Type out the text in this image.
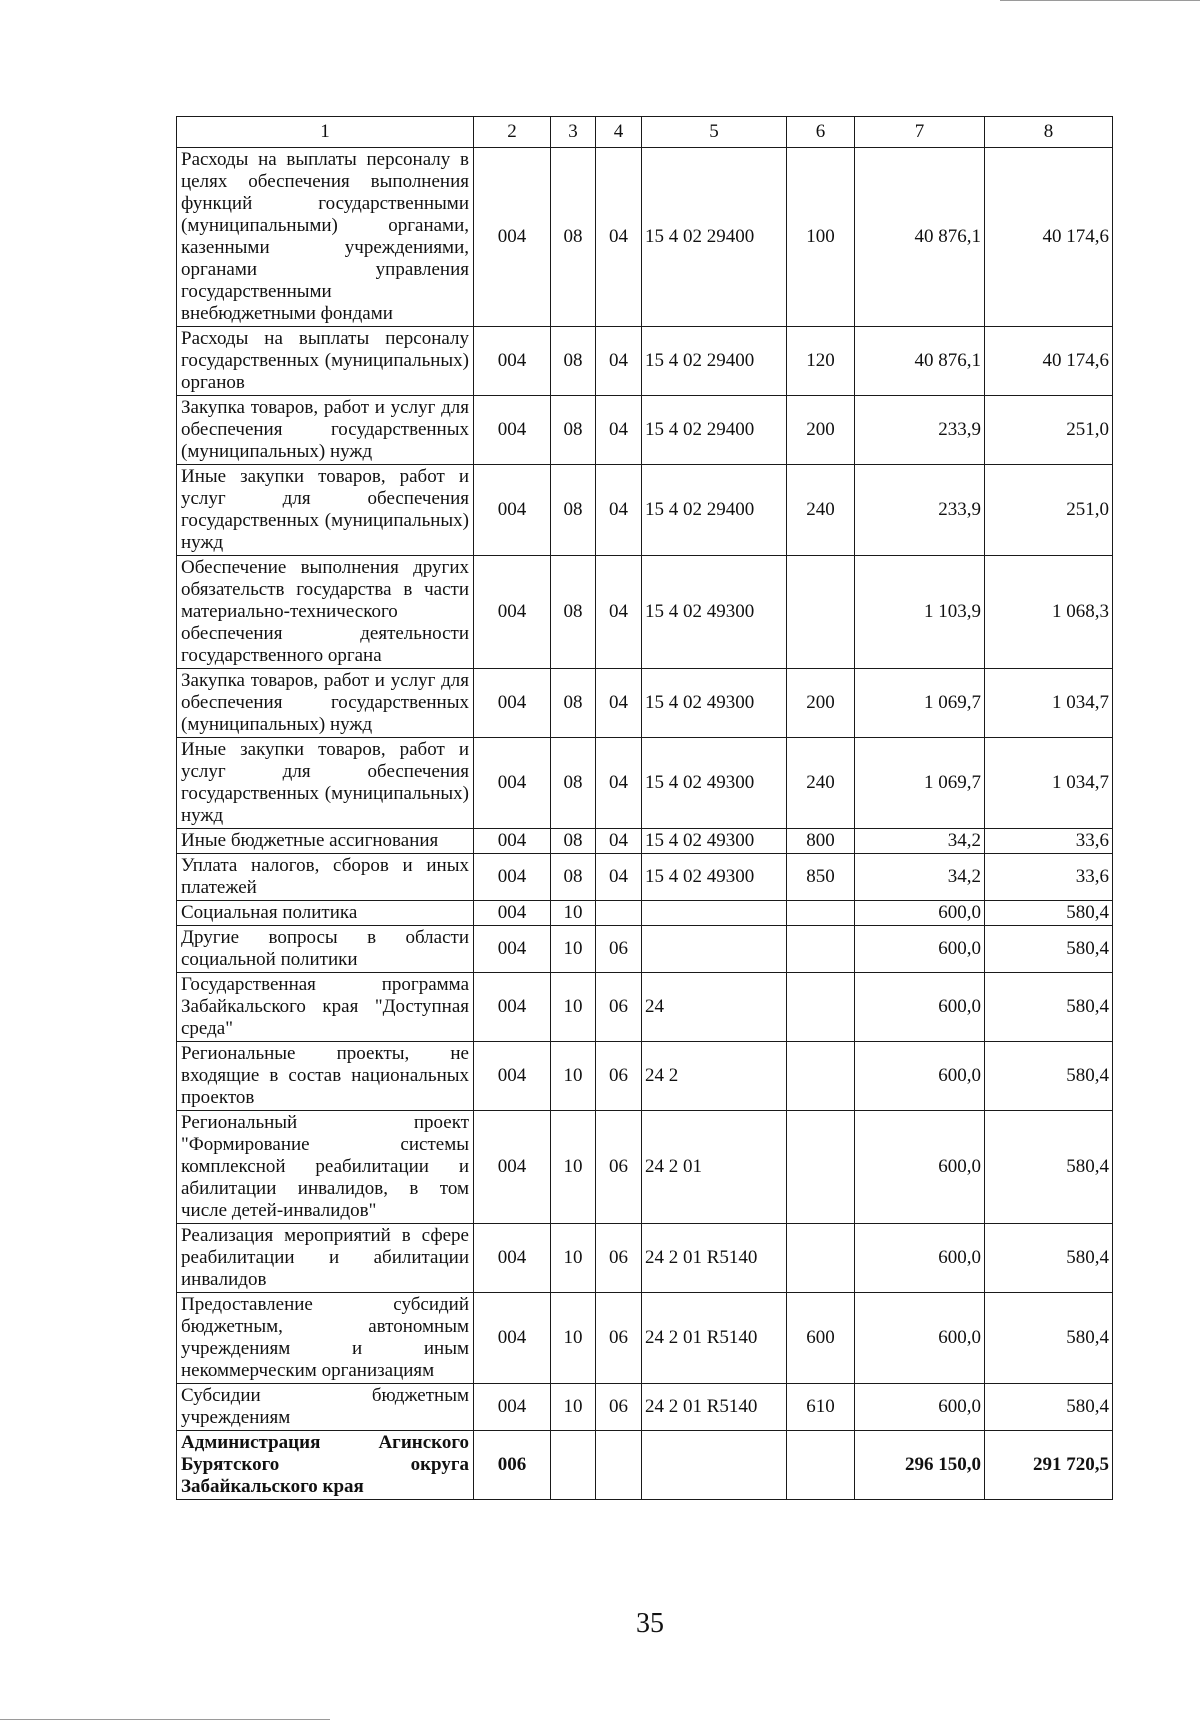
1	2	3	4	5	6	7	8
Расходы на выплаты персоналу в целях обеспечения выполнения функций государственными (муниципальными) органами, казенными учреждениями, органами управления государственными внебюджетными фондами	004	08	04	15 4 02 29400	100	40 876,1	40 174,6
Расходы на выплаты персоналу государственных (муниципальных) органов	004	08	04	15 4 02 29400	120	40 876,1	40 174,6
Закупка товаров, работ и услуг для обеспечения государственных (муниципальных) нужд	004	08	04	15 4 02 29400	200	233,9	251,0
Иные закупки товаров, работ и услуг для обеспечения государственных (муниципальных) нужд	004	08	04	15 4 02 29400	240	233,9	251,0
Обеспечение выполнения других обязательств государства в части материально-технического обеспечения деятельности государственного органа	004	08	04	15 4 02 49300		1 103,9	1 068,3
Закупка товаров, работ и услуг для обеспечения государственных (муниципальных) нужд	004	08	04	15 4 02 49300	200	1 069,7	1 034,7
Иные закупки товаров, работ и услуг для обеспечения государственных (муниципальных) нужд	004	08	04	15 4 02 49300	240	1 069,7	1 034,7
Иные бюджетные ассигнования	004	08	04	15 4 02 49300	800	34,2	33,6
Уплата налогов, сборов и иных платежей	004	08	04	15 4 02 49300	850	34,2	33,6
Социальная политика	004	10				600,0	580,4
Другие вопросы в области социальной политики	004	10	06			600,0	580,4
Государственная программа Забайкальского края "Доступная среда"	004	10	06	24		600,0	580,4
Региональные проекты, не входящие в состав национальных проектов	004	10	06	24 2		600,0	580,4
Региональный проект "Формирование системы комплексной реабилитации и абилитации инвалидов, в том числе детей-инвалидов"	004	10	06	24 2 01		600,0	580,4
Реализация мероприятий в сфере реабилитации и абилитации инвалидов	004	10	06	24 2 01 R5140		600,0	580,4
Предоставление субсидий бюджетным, автономным учреждениям и иным некоммерческим организациям	004	10	06	24 2 01 R5140	600	600,0	580,4
Субсидии бюджетным учреждениям	004	10	06	24 2 01 R5140	610	600,0	580,4
Администрация Агинского Бурятского округа Забайкальского края	006					296 150,0	291 720,5
35
